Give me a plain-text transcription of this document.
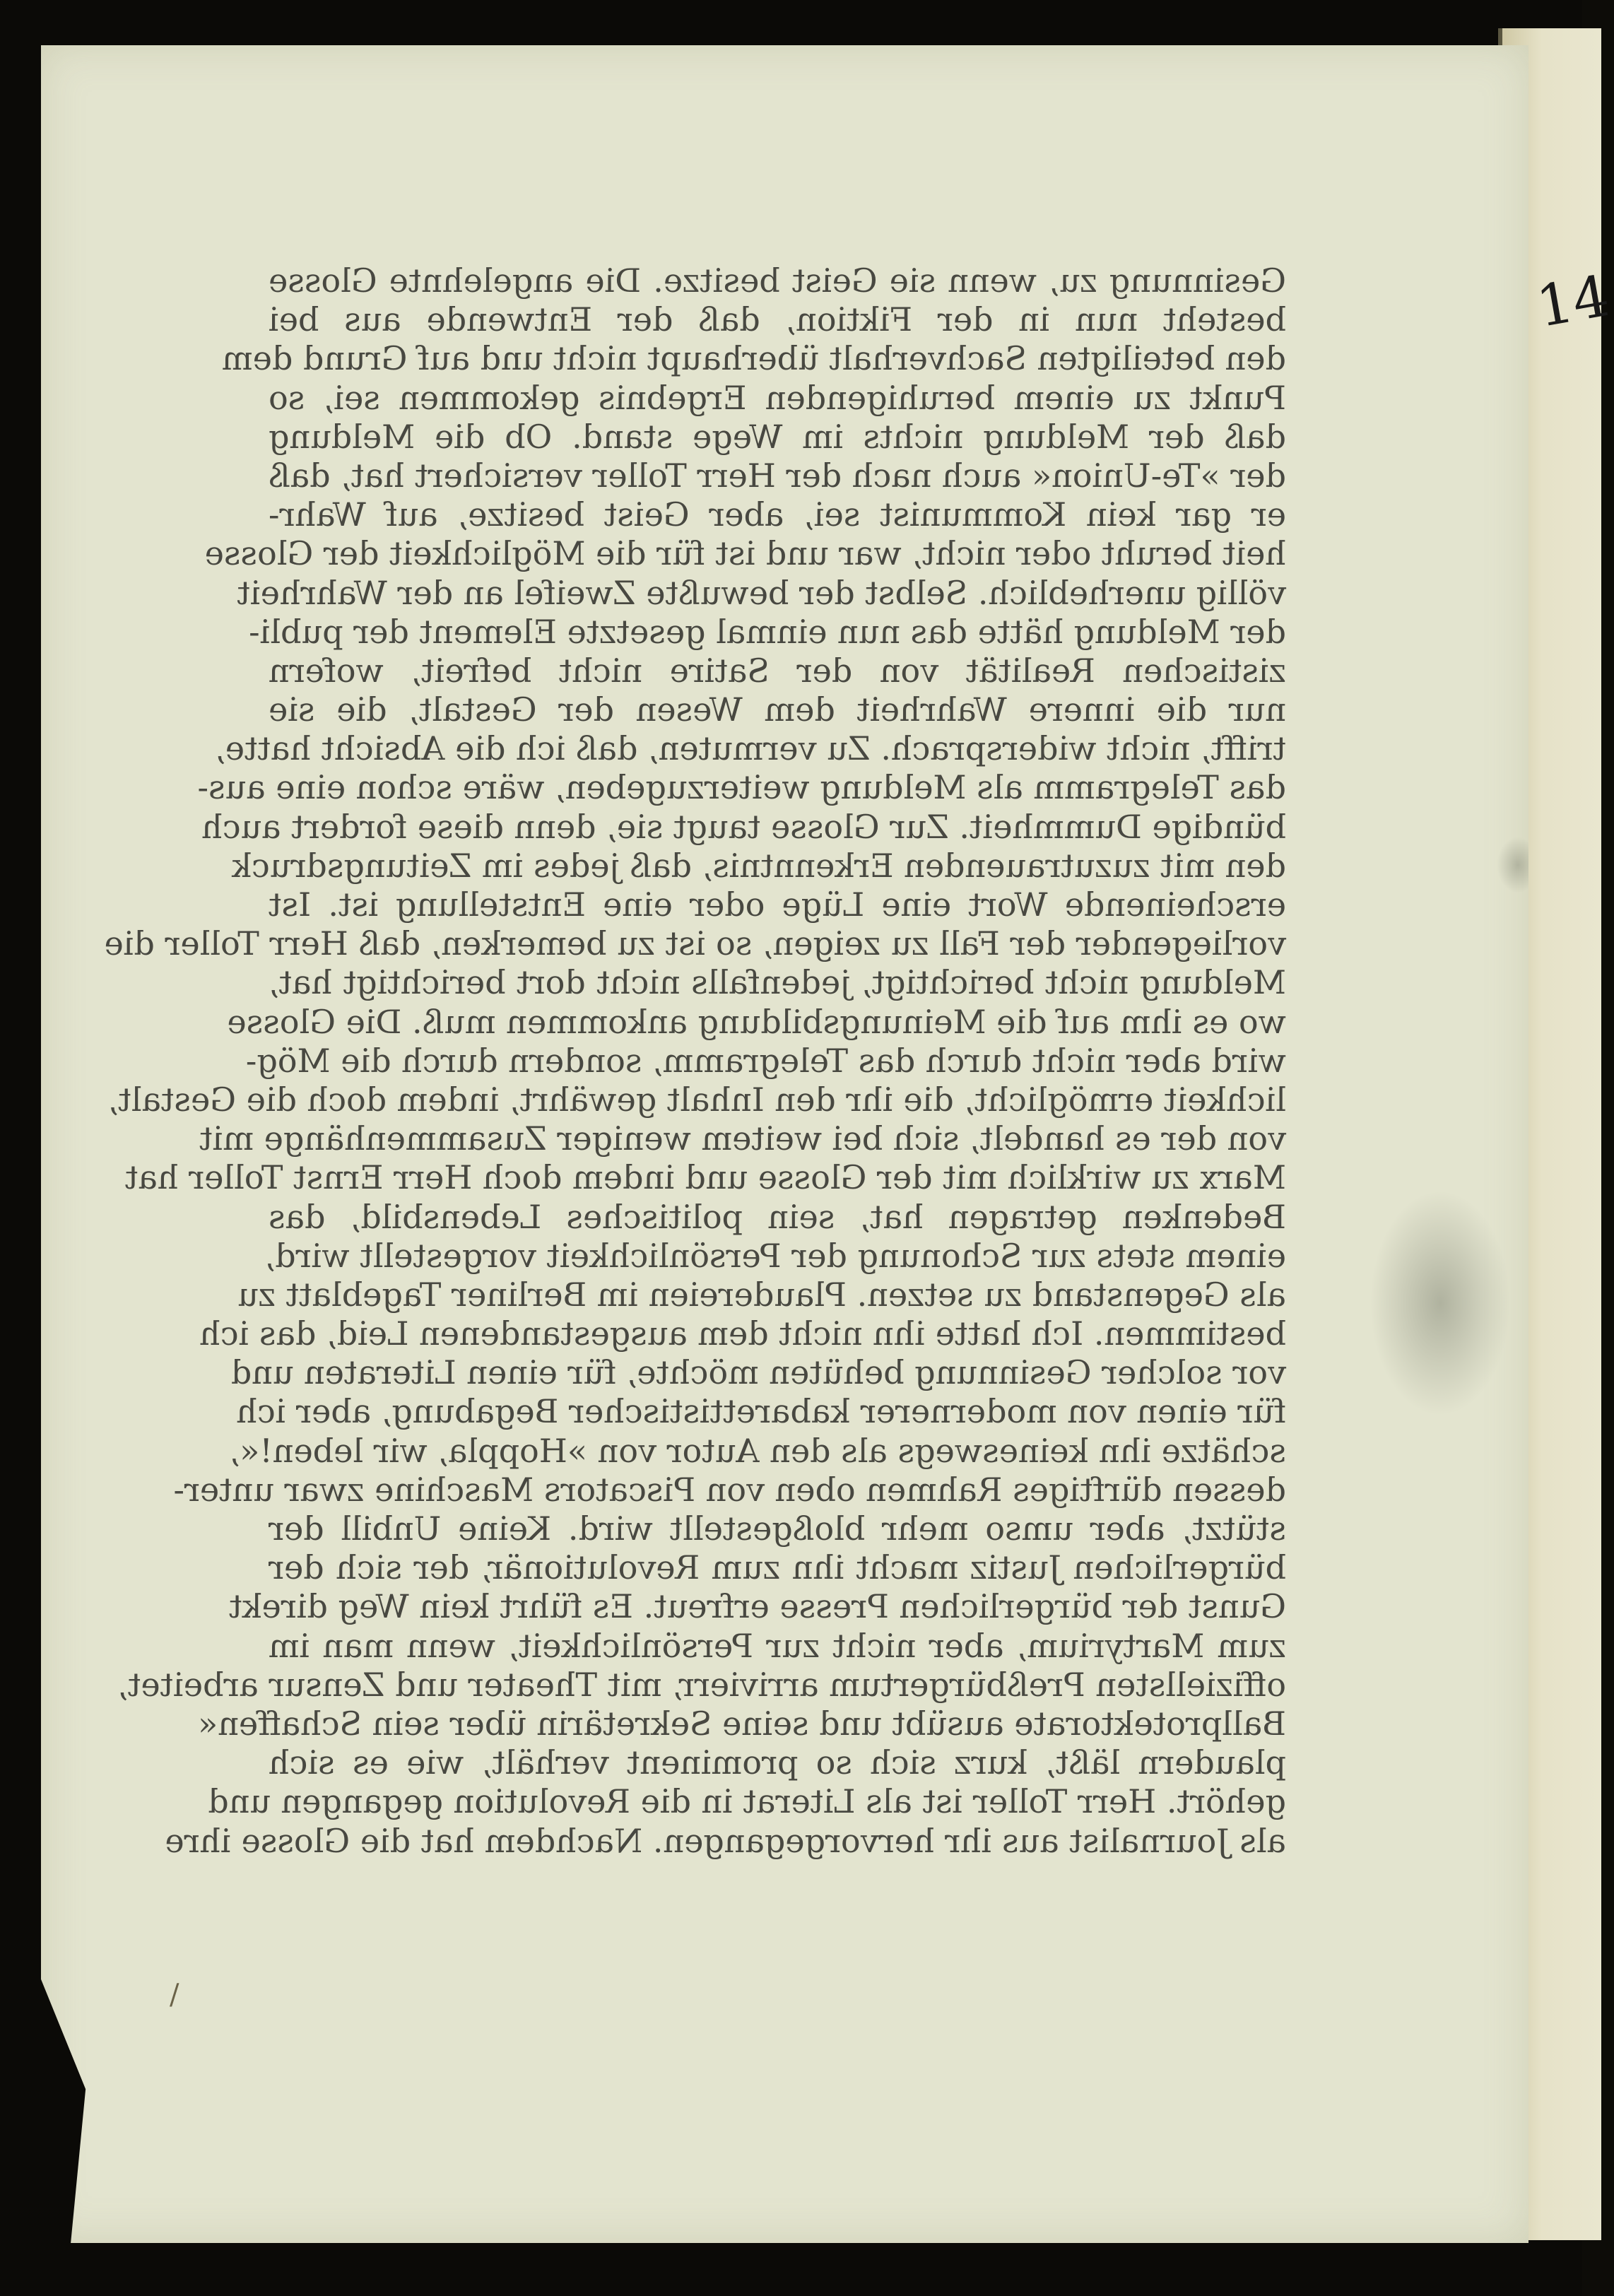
14
/
Gesinnung zu, wenn sie Geist besitze. Die angelehnte Glosse
besteht nun in der Fiktion, daß der Entwende aus bei
den beteiligten Sachverhalt überhaupt nicht und auf Grund dem
Punkt zu einem beruhigenden Ergebnis gekommen sei, so
daß der Meldung nichts im Wege stand. Ob die Meldung
der »Te-Union« auch nach der Herr Toller versichert hat, daß
er gar kein Kommunist sei, aber Geist besitze, auf Wahr-
heit beruht oder nicht, war und ist für die Möglichkeit der Glosse
völlig unerheblich. Selbst der bewußte Zweifel an der Wahrheit
der Meldung hätte das nun einmal gesetzte Element der publi-
zistischen Realität von der Satire nicht befreit, wofern
nur die innere Wahrheit dem Wesen der Gestalt, die sie
trifft, nicht widersprach. Zu vermuten, daß ich die Absicht hatte,
das Telegramm als Meldung weiterzugeben, wäre schon eine aus-
bündige Dummheit. Zur Glosse taugt sie, denn diese fordert auch
den mit zuzutrauenden Erkenntnis, daß jedes im Zeitungsdruck
erscheinende Wort eine Lüge oder eine Entstellung ist. Ist
vorliegender der Fall zu zeigen, so ist zu bemerken, daß Herr Toller die
Meldung nicht berichtigt, jedenfalls nicht dort berichtigt hat,
wo es ihm auf die Meinungsbildung ankommen muß. Die Glosse
wird aber nicht durch das Telegramm, sondern durch die Mög-
lichkeit ermöglicht, die ihr den Inhalt gewährt, indem doch die Gestalt,
von der es handelt, sich bei weitem weniger Zusammenhänge mit
Marx zu wirklich mit der Glosse und indem doch Herr Ernst Toller hat
Bedenken getragen hat, sein politisches Lebensbild, das
einem stets zur Schonung der Persönlichkeit vorgestellt wird,
als Gegenstand zu setzen. Plaudereien im Berliner Tageblatt zu
bestimmen. Ich hatte ihn nicht dem ausgestandenen Leid, das ich
vor solcher Gesinnung behüten möchte, für einen Literaten und
für einen von modernerer kabarettistischer Begabung, aber ich
schätze ihn keineswegs als den Autor von »Hoppla, wir leben!«,
dessen dürftiges Rahmen oben von Piscators Maschine zwar unter-
stützt, aber umso mehr bloßgestellt wird. Keine Unbill der
bürgerlichen Justiz macht ihn zum Revolutionär, der sich der
Gunst der bürgerlichen Presse erfreut. Es führt kein Weg direkt
zum Martyrium, aber nicht zur Persönlichkeit, wenn man im
offiziellsten Preßbürgertum arrivierr, mit Theater und Zensur arbeitet,
Ballprotektorate ausübt und seine Sekretärin über sein Schaffen«
plaudern läßt, kurz sich so prominent verhält, wie es sich
gehört. Herr Toller ist als Literat in die Revolution gegangen und
als Journalist aus ihr hervorgegangen. Nachdem hat die Glosse ihre
